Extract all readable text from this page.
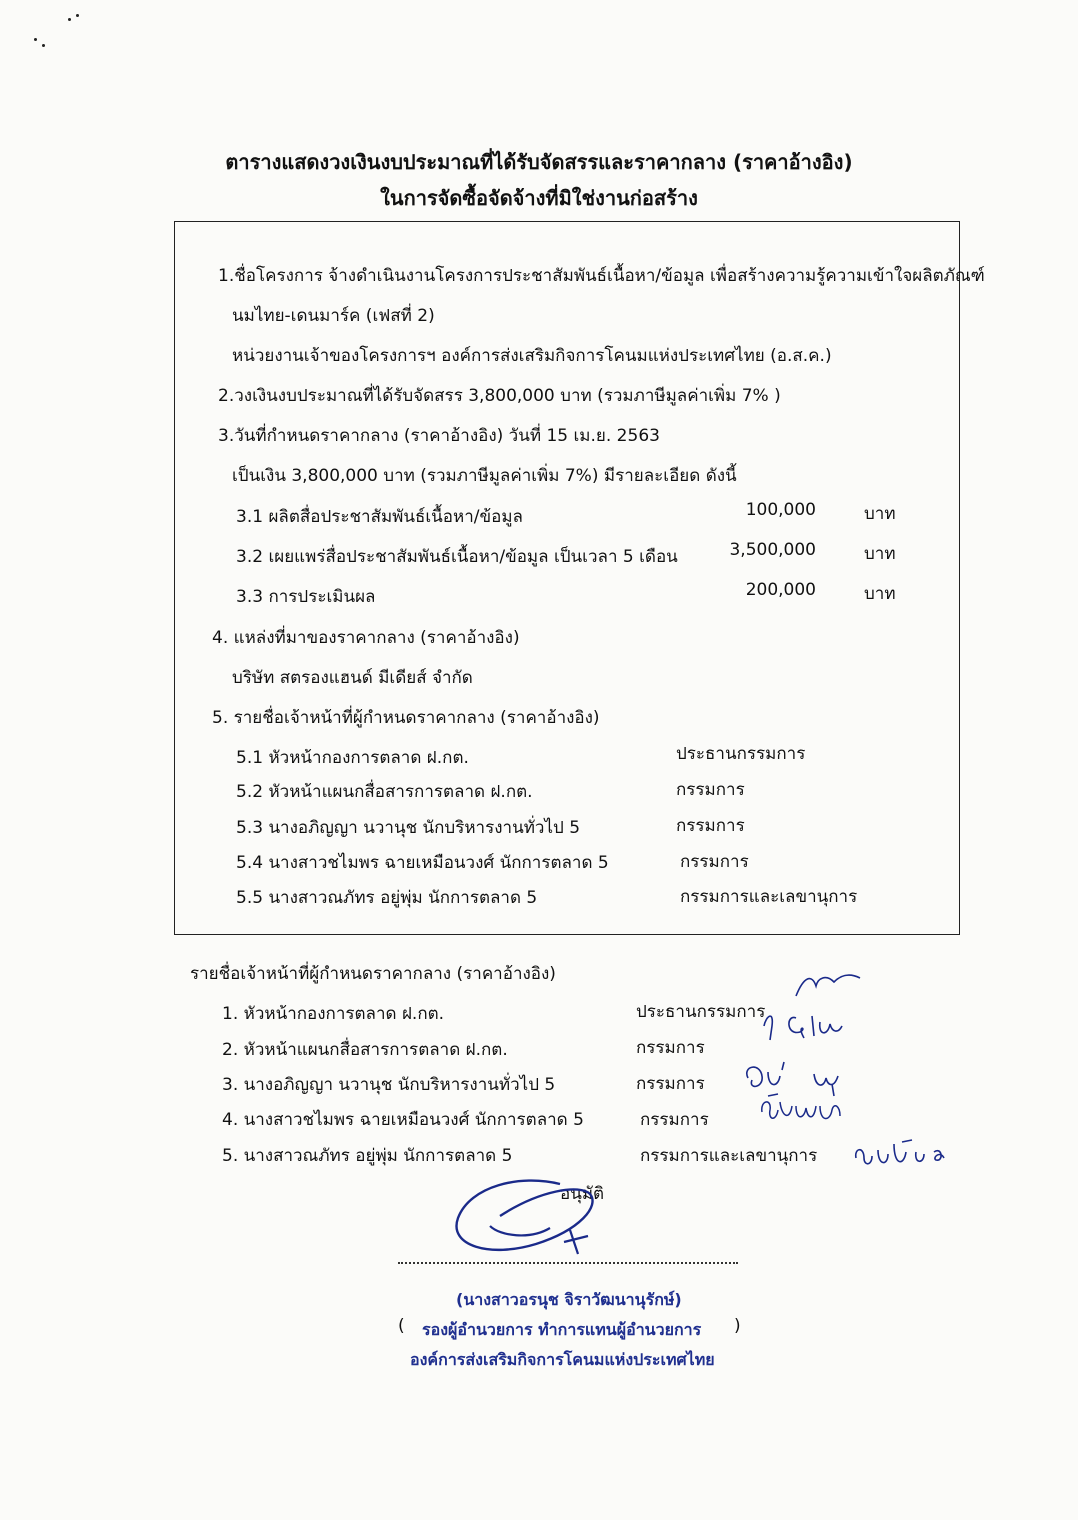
ตารางแสดงวงเงินงบประมาณที่ได้รับจัดสรรและราคากลาง (ราคาอ้างอิง)
ในการจัดซื้อจัดจ้างที่มิใช่งานก่อสร้าง
1.ชื่อโครงการ จ้างดำเนินงานโครงการประชาสัมพันธ์เนื้อหา/ข้อมูล เพื่อสร้างความรู้ความเข้าใจผลิตภัณฑ์
นมไทย-เดนมาร์ค (เฟสที่ 2)
หน่วยงานเจ้าของโครงการฯ องค์การส่งเสริมกิจการโคนมแห่งประเทศไทย (อ.ส.ค.)
2.วงเงินงบประมาณที่ได้รับจัดสรร 3,800,000 บาท (รวมภาษีมูลค่าเพิ่ม 7% )
3.วันที่กำหนดราคากลาง (ราคาอ้างอิง) วันที่ 15 เม.ย. 2563
เป็นเงิน 3,800,000 บาท (รวมภาษีมูลค่าเพิ่ม 7%) มีรายละเอียด ดังนี้
3.1 ผลิตสื่อประชาสัมพันธ์เนื้อหา/ข้อมูล	100,000	บาท
3.2 เผยแพร่สื่อประชาสัมพันธ์เนื้อหา/ข้อมูล เป็นเวลา 5 เดือน	3,500,000	บาท
3.3 การประเมินผล	200,000	บาท
4. แหล่งที่มาของราคากลาง (ราคาอ้างอิง)
บริษัท สตรองแฮนด์ มีเดียส์ จำกัด
5. รายชื่อเจ้าหน้าที่ผู้กำหนดราคากลาง (ราคาอ้างอิง)
5.1 หัวหน้ากองการตลาด ฝ.กต.	ประธานกรรมการ
5.2 หัวหน้าแผนกสื่อสารการตลาด ฝ.กต.	กรรมการ
5.3 นางอภิญญา นวานุช นักบริหารงานทั่วไป 5	กรรมการ
5.4 นางสาวชไมพร ฉายเหมือนวงศ์ นักการตลาด 5	กรรมการ
5.5 นางสาวณภัทร อยู่พุ่ม นักการตลาด 5	กรรมการและเลขานุการ
รายชื่อเจ้าหน้าที่ผู้กำหนดราคากลาง (ราคาอ้างอิง)
1. หัวหน้ากองการตลาด ฝ.กต.	ประธานกรรมการ
2. หัวหน้าแผนกสื่อสารการตลาด ฝ.กต.	กรรมการ
3. นางอภิญญา นวานุช นักบริหารงานทั่วไป 5	กรรมการ
4. นางสาวชไมพร ฉายเหมือนวงศ์ นักการตลาด 5	กรรมการ
5. นางสาวณภัทร อยู่พุ่ม นักการตลาด 5	กรรมการและเลขานุการ
อนุมัติ
(นางสาวอรนุช จิราวัฒนานุรักษ์)
( รองผู้อำนวยการ ทำการแทนผู้อำนวยการ )
องค์การส่งเสริมกิจการโคนมแห่งประเทศไทย
